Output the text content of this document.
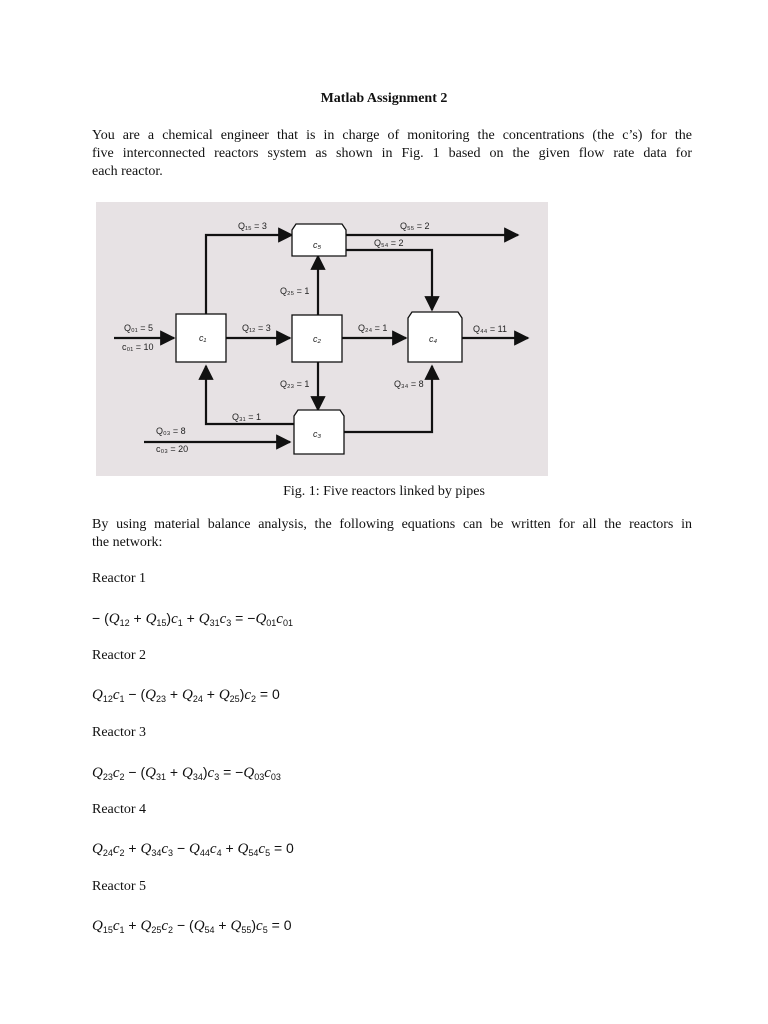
Matlab Assignment 2
You are a chemical engineer that is in charge of monitoring the concentrations (the c’s) for the
five interconnected reactors system as shown in Fig. 1 based on the given flow rate data for
each reactor.
c₁
c₅
c₂	c₄
c₃
Q₀₁ = 5
c₀₁ = 10
Q₁₅ = 3	Q₅₅ = 2
Q₅₄ = 2
Q₂₅ = 1
Q₁₂ = 3	Q₂₄ = 1	Q₄₄ = 11
Q₂₃ = 1	Q₃₄ = 8
Q₃₁ = 1
Q₀₃ = 8
c₀₃ = 20
Fig. 1: Five reactors linked by pipes
By using material balance analysis, the following equations can be written for all the reactors in
the network:
Reactor 1
− $(Q_{12} + Q_{15})c_1 + Q_{31}c_3 = -Q_{01}c_{01}$
Reactor 2
$Q_{12}c_1 - (Q_{23} + Q_{24} + Q_{25})c_2 = 0$
Reactor 3
$Q_{23}c_2 - (Q_{31} + Q_{34})c_3 = -Q_{03}c_{03}$
Reactor 4
$Q_{24}c_2 + Q_{34}c_3 - Q_{44}c_4 + Q_{54}c_5 = 0$
Reactor 5
$Q_{15}c_1 + Q_{25}c_2 - (Q_{54} + Q_{55})c_5 = 0$
